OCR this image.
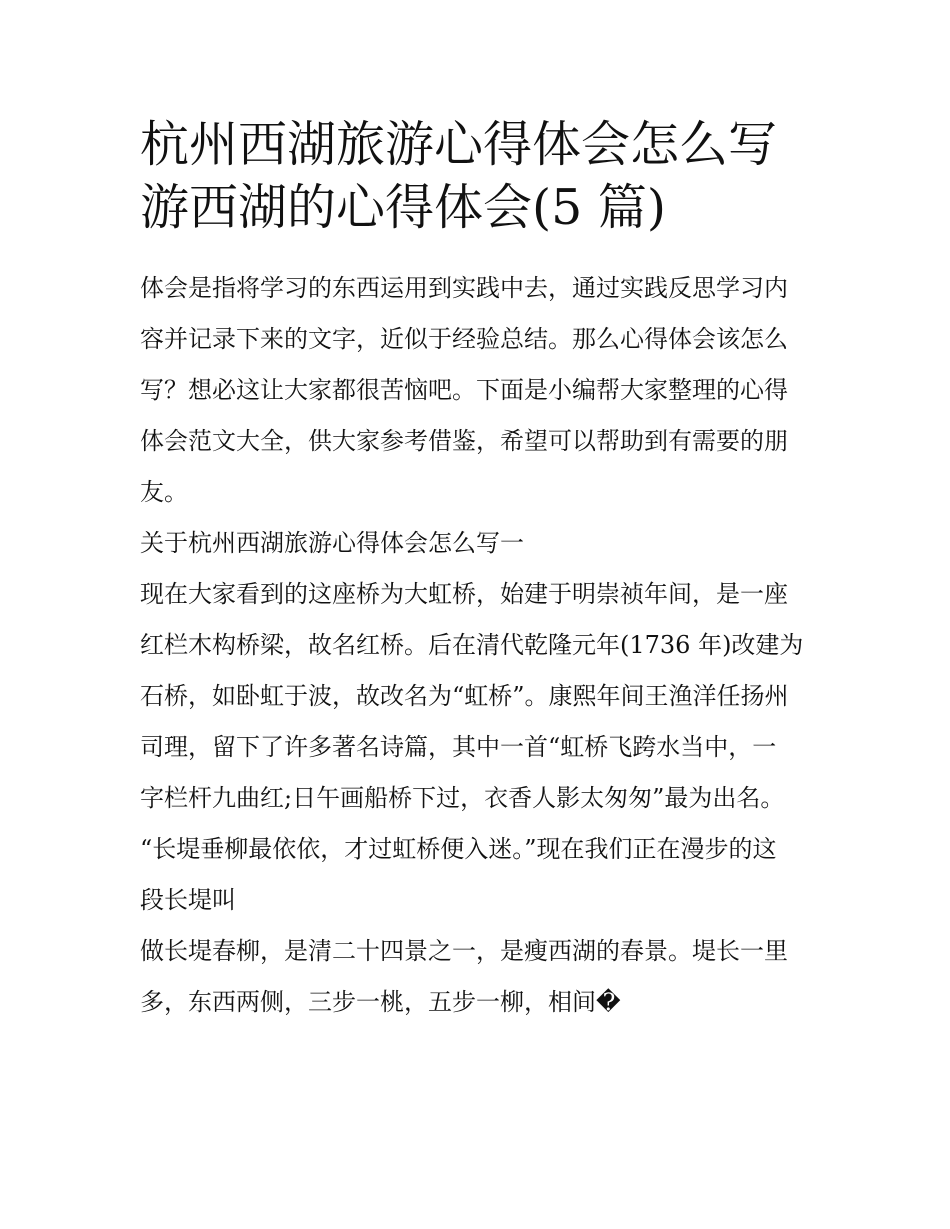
杭州西湖旅游心得体会怎么写
游西湖的心得体会(5 篇)

体会是指将学习的东西运用到实践中去，通过实践反思学习内
容并记录下来的文字，近似于经验总结。那么心得体会该怎么
写？想必这让大家都很苦恼吧。下面是小编帮大家整理的心得
体会范文大全，供大家参考借鉴，希望可以帮助到有需要的朋
友。

关于杭州西湖旅游心得体会怎么写一

现在大家看到的这座桥为大虹桥，始建于明崇祯年间，是一座
红栏木构桥梁，故名红桥。后在清代乾隆元年(1736 年)改建为
石桥，如卧虹于波，故改名为“虹桥”。康熙年间王渔洋任扬州
司理，留下了许多著名诗篇，其中一首“虹桥飞跨水当中，一
字栏杆九曲红;日午画船桥下过，衣香人影太匆匆”最为出名。
“长堤垂柳最依依，才过虹桥便入迷。”现在我们正在漫步的这
段长堤叫

做长堤春柳，是清二十四景之一，是瘦西湖的春景。堤长一里
多，东西两侧，三步一桃，五步一柳，相间�
